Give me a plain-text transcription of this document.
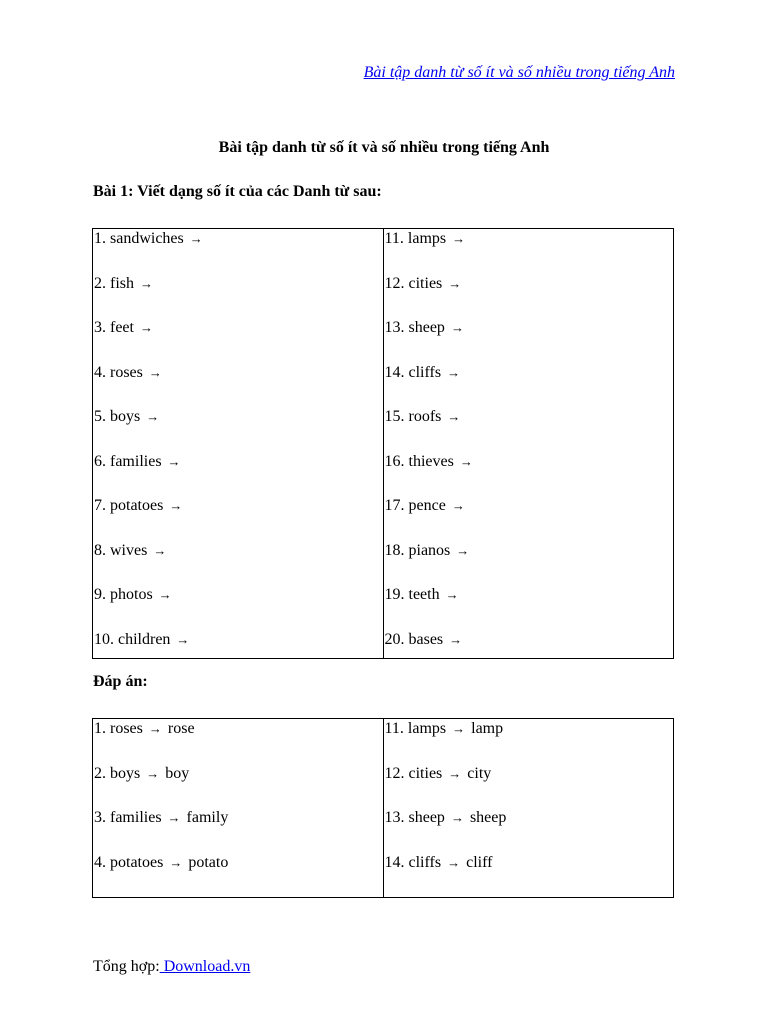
Bài tập danh từ số ít và số nhiều trong tiếng Anh
Bài tập danh từ số ít và số nhiều trong tiếng Anh
Bài 1: Viết dạng số ít của các Danh từ sau:
1. sandwiches →
2. fish →
3. feet →
4. roses →
5. boys →
6. families →
7. potatoes →
8. wives →
9. photos →
10. children →

11. lamps →
12. cities →
13. sheep →
14. cliffs →
15. roofs →
16. thieves →
17. pence →
18. pianos →
19. teeth →
20. bases →
Đáp án:
1. roses → rose
2. boys → boy
3. families → family
4. potatoes → potato

11. lamps → lamp
12. cities → city
13. sheep → sheep
14. cliffs → cliff
Tổng hợp: Download.vn
